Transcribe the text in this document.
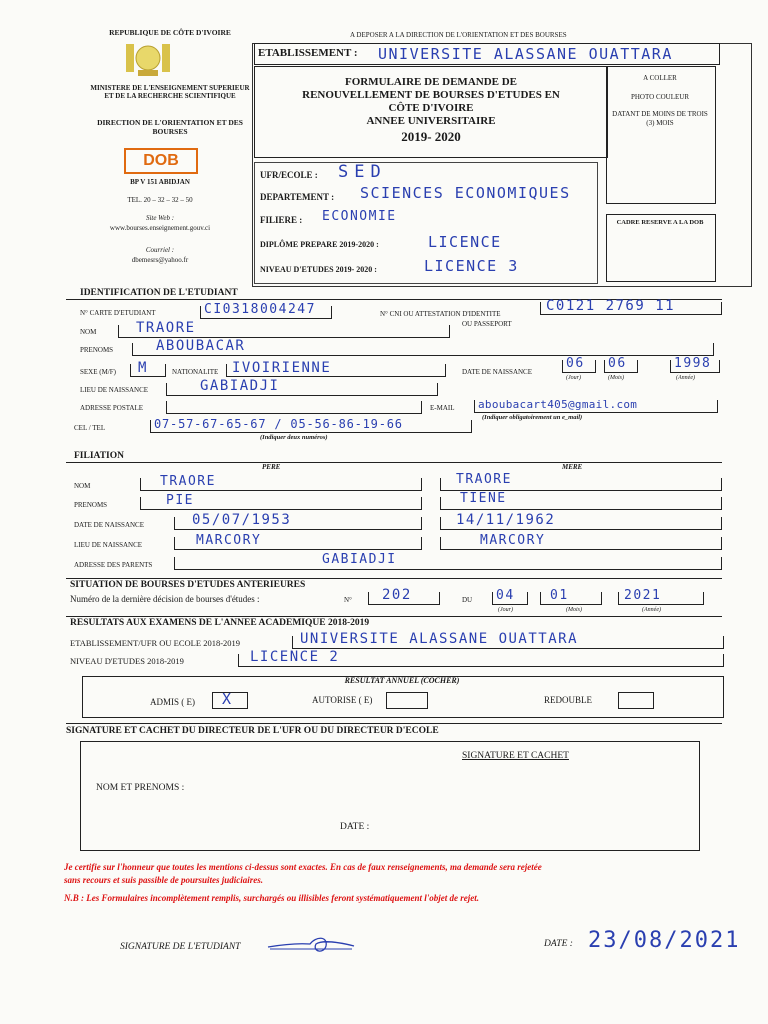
REPUBLIQUE DE CÔTE D'IVOIRE
MINISTERE DE L'ENSEIGNEMENT SUPERIEUR ET DE LA RECHERCHE SCIENTIFIQUE
DIRECTION DE L'ORIENTATION ET DES BOURSES
DOB
BP V 151 ABIDJAN
TEL. 20 – 32 – 32 – 50
Site Web :
www.bourses.enseignement.gouv.ci
Courriel :
dbemesrs@yahoo.fr
A DEPOSER A LA DIRECTION DE L'ORIENTATION ET DES BOURSES
ETABLISSEMENT : UNIVERSITE ALASSANE OUATTARA
FORMULAIRE DE DEMANDE DE
RENOUVELLEMENT DE BOURSES D'ETUDES EN
CÔTE D'IVOIRE
ANNEE UNIVERSITAIRE
2019- 2020
A COLLER
PHOTO COULEUR
DATANT DE MOINS DE TROIS (3) MOIS
CADRE RESERVE A LA DOB
UFR/ECOLE : SED
DEPARTEMENT : SCIENCES ECONOMIQUES
FILIERE : ECONOMIE
DIPLÔME PREPARE 2019-2020 :	LICENCE
NIVEAU D'ETUDES 2019- 2020 :	LICENCE 3
IDENTIFICATION DE L'ETUDIANT
N° CARTE D'ETUDIANT	CI0318004247	N° CNI OU ATTESTATION D'IDENTITE
OU PASSEPORT
C0121 2769 11
NOM	TRAORE
PRENOMS	ABOUBACAR
SEXE (M/F) M	NATIONALITE IVOIRIENNE	DATE DE NAISSANCE
06 06	1998
(Jour)	(Mois)	(Année)
LIEU DE NAISSANCE	GABIADJI
ADRESSE POSTALE	E-MAIL aboubacart405@gmail.com
(Indiquer obligatoirement un e_mail)
CEL / TEL	07-57-67-65-67 / 05-56-86-19-66
(Indiquer deux numéros)
FILIATION
PERE	MERE
NOM	TRAORE	TRAORE
PRENOMS	PIE	TIENE
DATE DE NAISSANCE	05/07/1953	14/11/1962
LIEU DE NAISSANCE	MARCORY	MARCORY
ADRESSE DES PARENTS	GABIADJI
SITUATION DE BOURSES D'ETUDES ANTERIEURES
Numéro de la dernière décision de bourses d'études :	N° 202	DU 04	01	2021
(Jour)	(Mois)	(Année)
RESULTATS AUX EXAMENS DE L'ANNEE ACADEMIQUE 2018-2019
ETABLISSEMENT/UFR OU ECOLE 2018-2019	UNIVERSITE ALASSANE OUATTARA
NIVEAU D'ETUDES 2018-2019	LICENCE 2
RESULTAT ANNUEL (COCHER)
ADMIS ( E) X	AUTORISE ( E)	REDOUBLE
SIGNATURE ET CACHET DU DIRECTEUR DE L'UFR OU DU DIRECTEUR D'ECOLE
SIGNATURE ET CACHET
NOM ET PRENOMS :
DATE :
Je certifie sur l'honneur que toutes les mentions ci-dessus sont exactes. En cas de faux renseignements, ma demande sera rejetée
sans recours et suis passible de poursuites judiciaires.
N.B : Les Formulaires incomplètement remplis, surchargés ou illisibles feront systématiquement l'objet de rejet.
SIGNATURE DE L'ETUDIANT	DATE : 23/08/2021
